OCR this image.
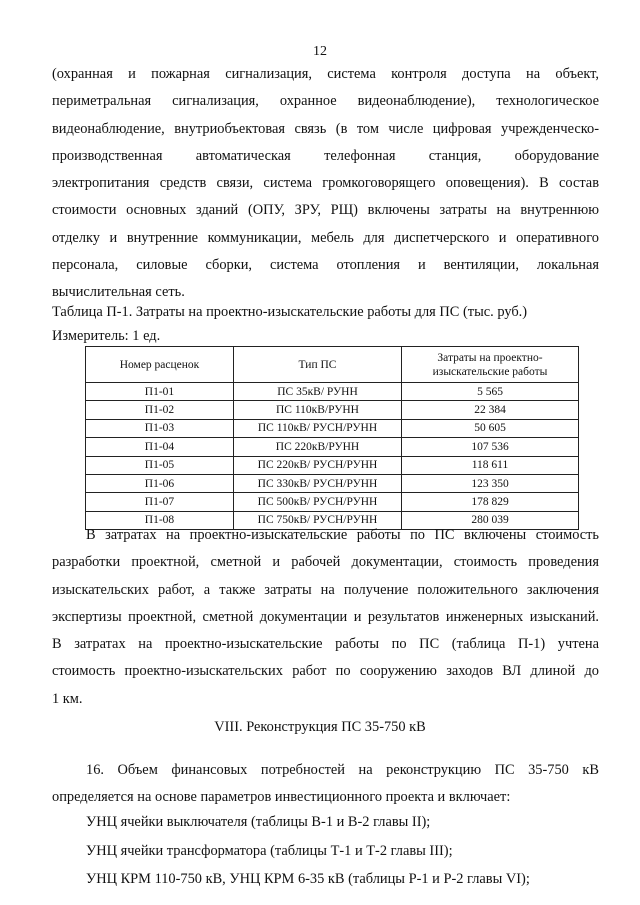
12
(охранная и пожарная сигнализация, система контроля доступа на объект,
периметральная сигнализация, охранное видеонаблюдение), технологическое
видеонаблюдение, внутриобъектовая связь (в том числе цифровая учрежденческо-
производственная автоматическая телефонная станция, оборудование
электропитания средств связи, система громкоговорящего оповещения). В состав
стоимости основных зданий (ОПУ, ЗРУ, РЩ) включены затраты на внутреннюю
отделку и внутренние коммуникации, мебель для диспетчерского и оперативного
персонала, силовые сборки, система отопления и вентиляции, локальная
вычислительная сеть.

Таблица П-1. Затраты на проектно-изыскательские работы для ПС (тыс. руб.)

Измеритель: 1 ед.

Номер расценок	Тип ПС	Затраты на проектно-
изыскательские работы
П1-01	ПС 35кВ/ РУНН	5 565
П1-02	ПС 110кВ/РУНН	22 384
П1-03	ПС 110кВ/ РУСН/РУНН	50 605
П1-04	ПС 220кВ/РУНН	107 536
П1-05	ПС 220кВ/ РУСН/РУНН	118 611
П1-06	ПС 330кВ/ РУСН/РУНН	123 350
П1-07	ПС 500кВ/ РУСН/РУНН	178 829
П1-08	ПС 750кВ/ РУСН/РУНН	280 039
В затратах на проектно-изыскательские работы по ПС включены стоимость
разработки проектной, сметной и рабочей документации, стоимость проведения
изыскательских работ, а также затраты на получение положительного заключения
экспертизы проектной, сметной документации и результатов инженерных изысканий.
В затратах на проектно-изыскательские работы по ПС (таблица П-1) учтена
стоимость проектно-изыскательских работ по сооружению заходов ВЛ длиной до
1 км.

VIII. Реконструкция ПС 35-750 кВ

16. Объем финансовых потребностей на реконструкцию ПС 35-750 кВ
определяется на основе параметров инвестиционного проекта и включает:

УНЦ ячейки выключателя (таблицы В-1 и В-2 главы II);

УНЦ ячейки трансформатора (таблицы Т-1 и Т-2 главы III);

УНЦ КРМ 110-750 кВ, УНЦ КРМ 6-35 кВ (таблицы Р-1 и Р-2 главы VI);
